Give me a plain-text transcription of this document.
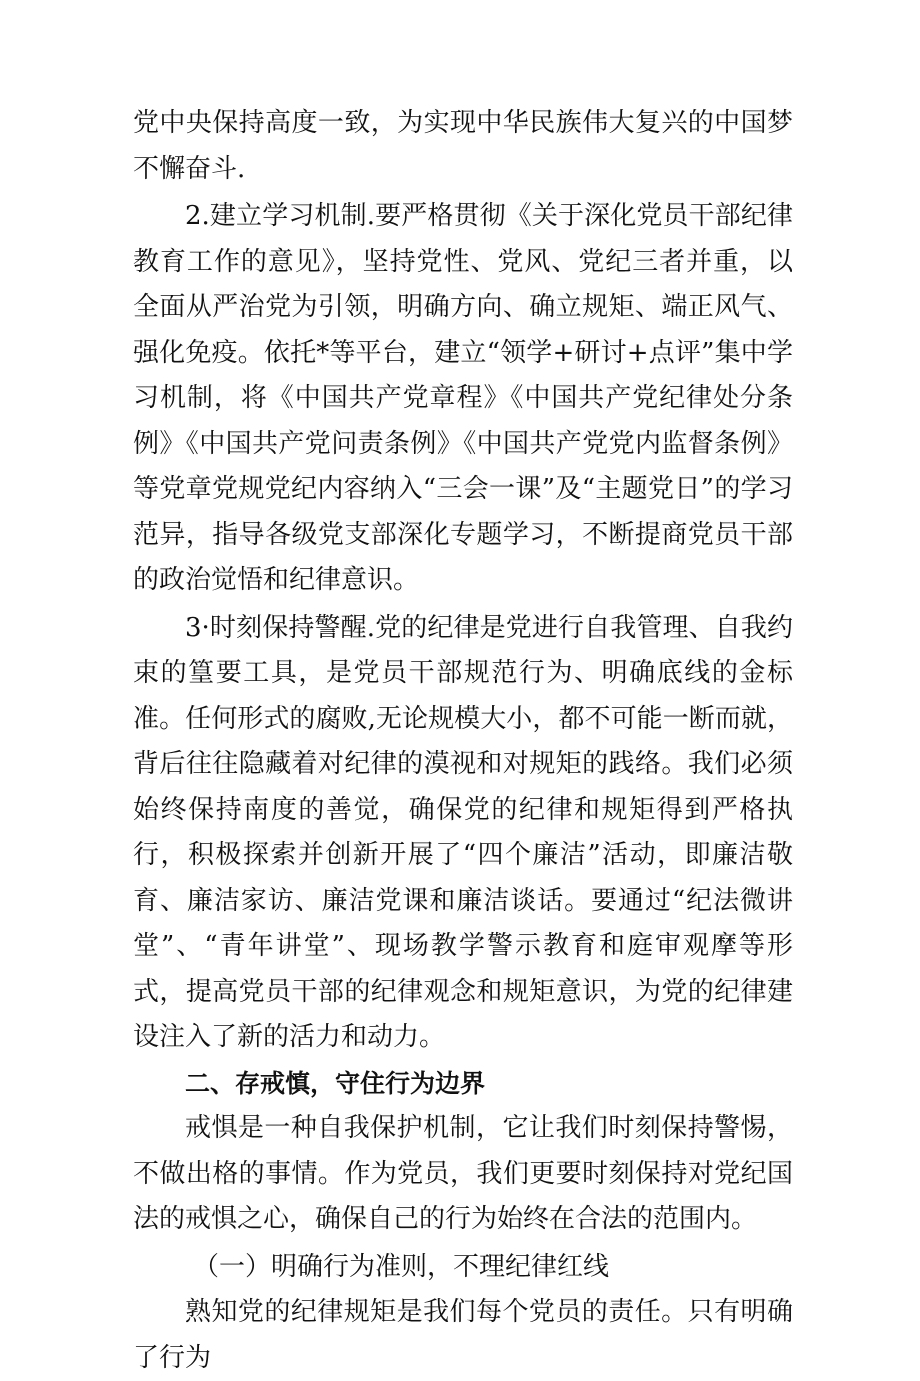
党中央保持高度一致，为实现中华民族伟大复兴的中国梦不懈奋斗.

2.建立学习机制.要严格贯彻《关于深化党员干部纪律教育工作的意见》，坚持党性、党风、党纪三者并重，以全面从严治党为引领，明确方向、确立规矩、端正风气、强化免疫。依托*等平台，建立“领学+研讨+点评”集中学习机制，将《中国共产党章程》《中国共产党纪律处分条例》《中国共产党问责条例》《中国共产党党内监督条例》等党章党规党纪内容纳入“三会一课”及“主题党日”的学习范异，指导各级党支部深化专题学习，不断提商党员干部的政治觉悟和纪律意识。

3·时刻保持警醒.党的纪律是党进行自我管理、自我约束的篁要工具，是党员干部规范行为、明确底线的金标准。任何形式的腐败,无论规模大小，都不可能一断而就，背后往往隐藏着对纪律的漠视和对规矩的践络。我们必须始终保持南度的善觉，确保党的纪律和规矩得到严格执行，积极探索并创新开展了“四个廉洁”活动，即廉洁敬育、廉洁家访、廉洁党课和廉洁谈话。要通过“纪法微讲堂”、“青年讲堂”、现场教学警示教育和庭审观摩等形式，提高党员干部的纪律观念和规矩意识，为党的纪律建设注入了新的活力和动力。

二、存戒慎，守住行为边界

戒惧是一种自我保护机制，它让我们时刻保持警惕，不做出格的事情。作为党员，我们更要时刻保持对党纪国法的戒惧之心，确保自己的行为始终在合法的范围内。

（一）明确行为准则，不理纪律红线

熟知党的纪律规矩是我们每个党员的责任。只有明确了行为
